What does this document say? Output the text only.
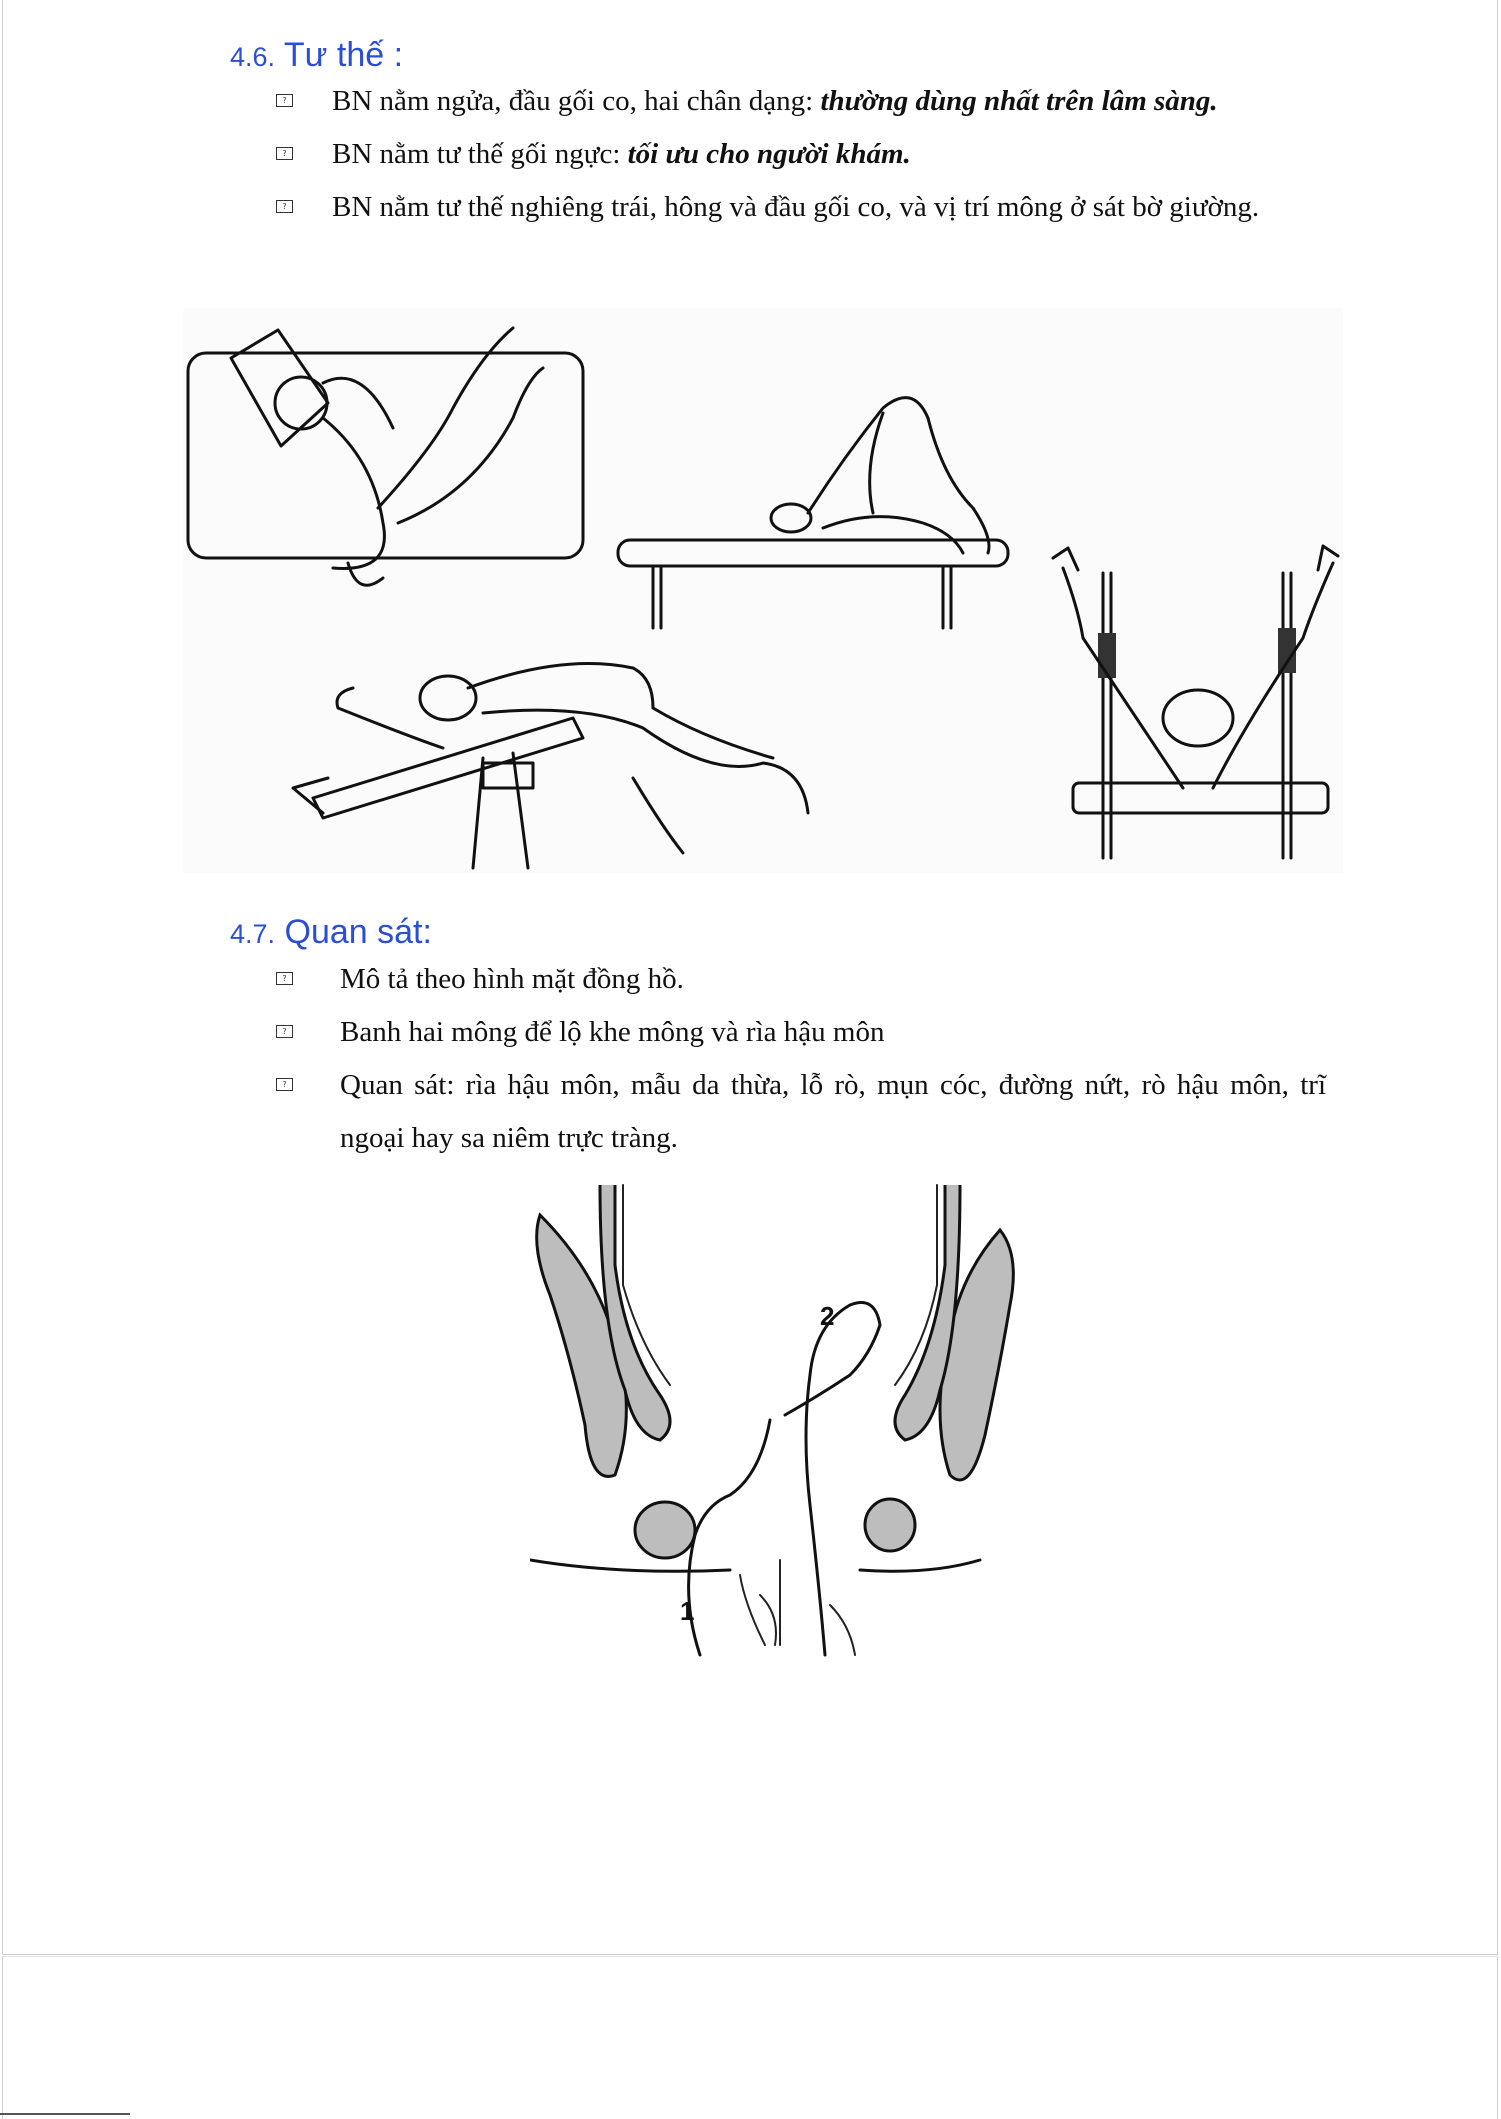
4.6. Tư thế :
? BN nằm ngửa, đầu gối co, hai chân dạng: thường dùng nhất trên lâm sàng.
? BN nằm tư thế gối ngực: tối ưu cho người khám.
? BN nằm tư thế nghiêng trái, hông và đầu gối co, và vị trí mông ở sát bờ giường.
4.7. Quan sát:
? Mô tả theo hình mặt đồng hồ.
? Banh hai mông để lộ khe mông và rìa hậu môn
? Quan sát: rìa hậu môn, mẫu da thừa, lỗ rò, mụn cóc, đường nứt, rò hậu môn, trĩ ngoại hay sa niêm trực tràng.
1
2
